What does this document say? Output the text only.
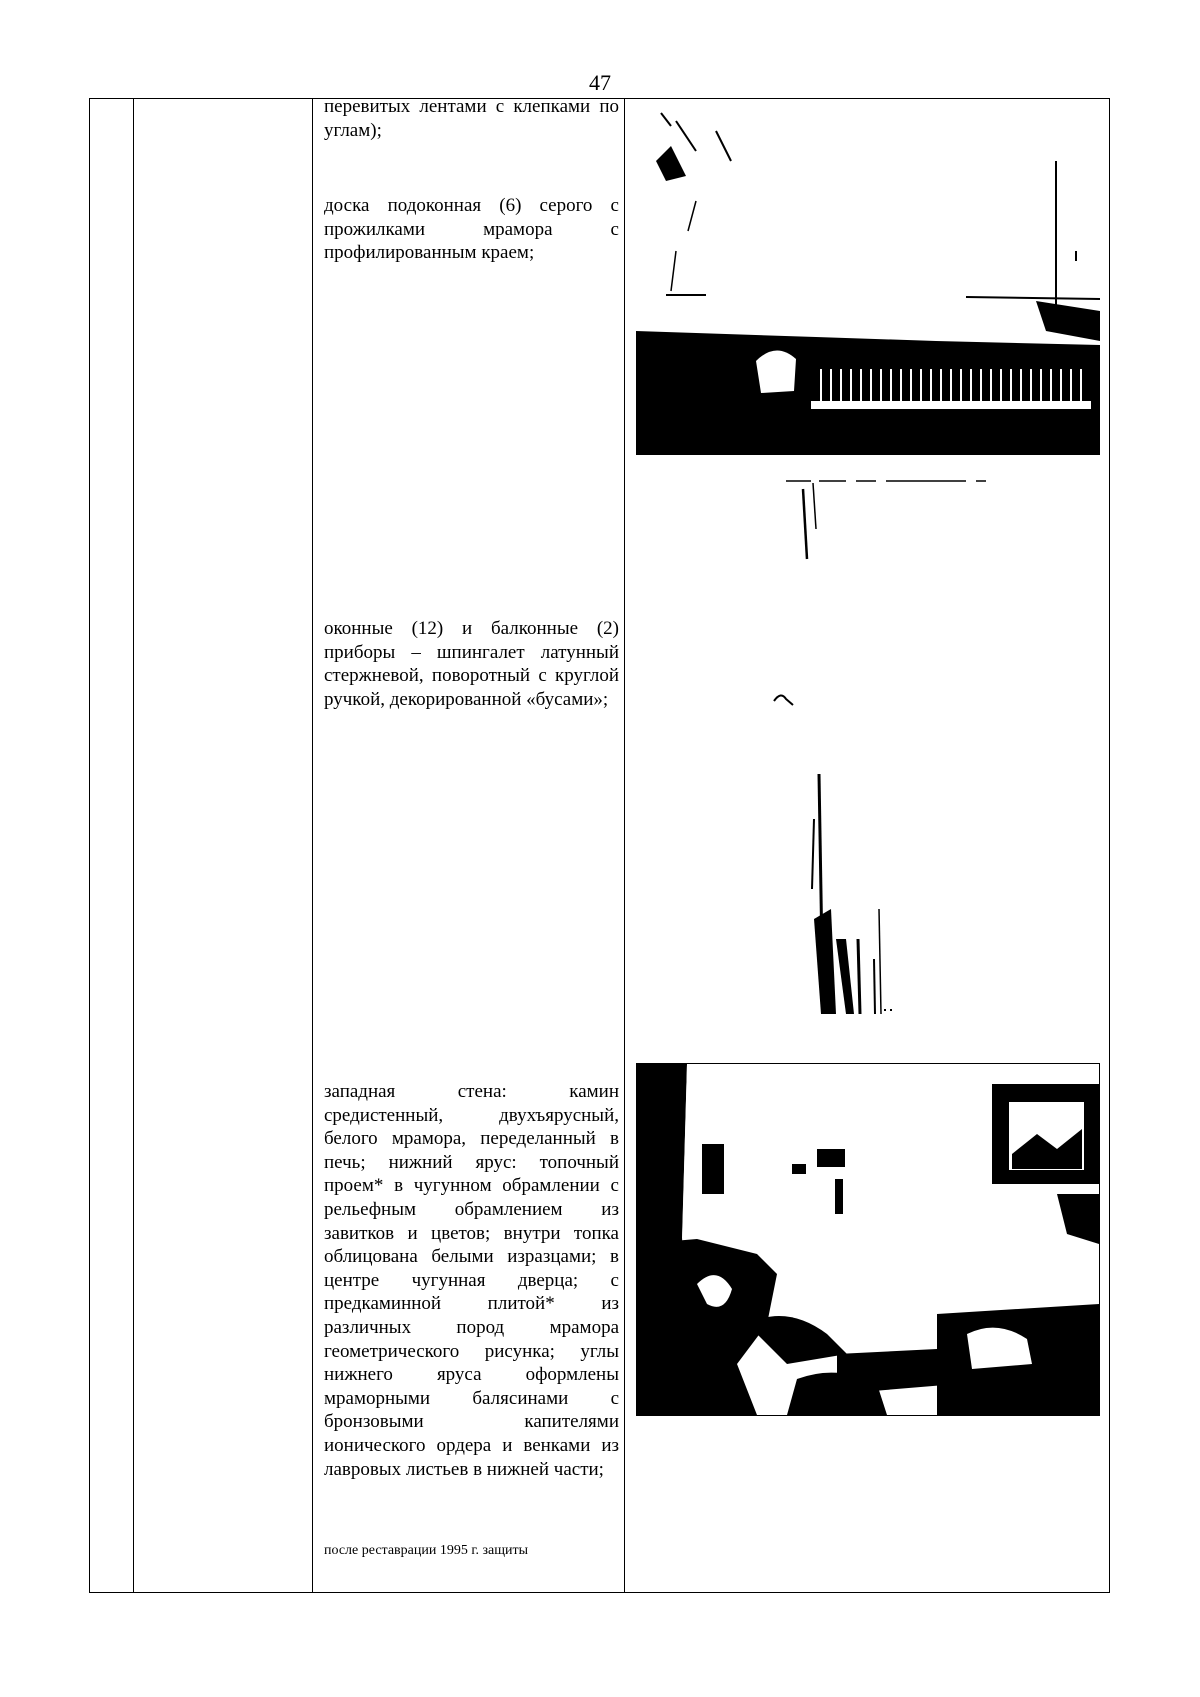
47
перевитых лентами с клепками по углам);
доска подоконная (6) серого с прожилками мрамора с профилированным краем;
оконные (12) и балконные (2) приборы – шпингалет латунный стержневой, поворотный с круглой ручкой, декорированной «бусами»;
западная стена: камин средистенный, двухъярусный, белого мрамора, переделанный в печь; нижний ярус: топочный проем* в чугунном обрамлении с рельефным обрамлением из завитков и цветов; внутри топка облицована белыми изразцами; в центре чугунная дверца; с предкаминной плитой* из различных пород мрамора геометрического рисунка; углы нижнего яруса оформлены мраморными балясинами с бронзовыми капителями ионического ордера и венками из лавровых листьев в нижней части;
после реставрации 1995 г. защиты
